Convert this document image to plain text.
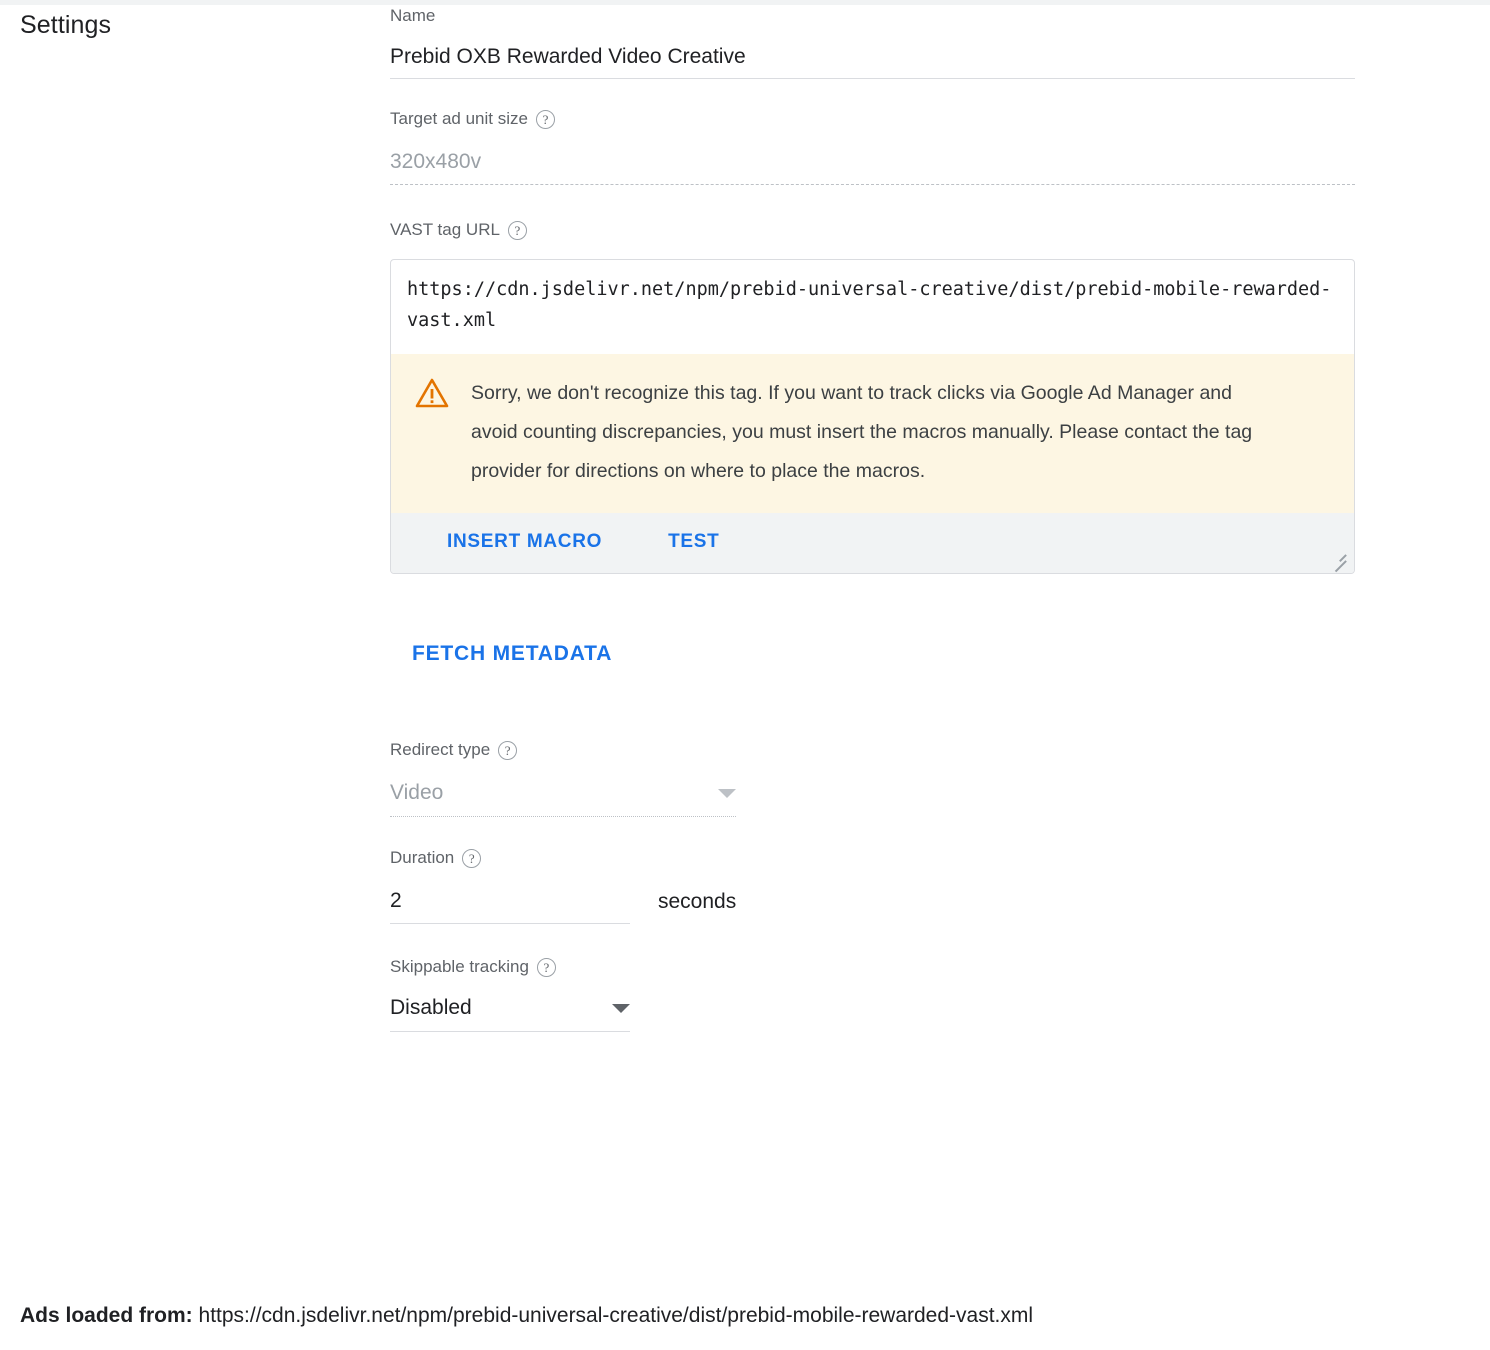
Settings	Name
Prebid OXB Rewarded Video Creative
Target ad unit size	?
320x480v
VAST tag URL	?
https://cdn.jsdelivr.net/npm/prebid-universal-creative/dist/prebid-mobile-rewarded-vast.xml
Sorry, we don't recognize this tag. If you want to track clicks via Google Ad Manager and avoid counting discrepancies, you must insert the macros manually. Please contact the tag provider for directions on where to place the macros.
INSERT MACRO	TEST
FETCH METADATA
Redirect type	?
Video
Duration	?
2	seconds
Skippable tracking	?
Disabled
Ads loaded from: https://cdn.jsdelivr.net/npm/prebid-universal-creative/dist/prebid-mobile-rewarded-vast.xml
